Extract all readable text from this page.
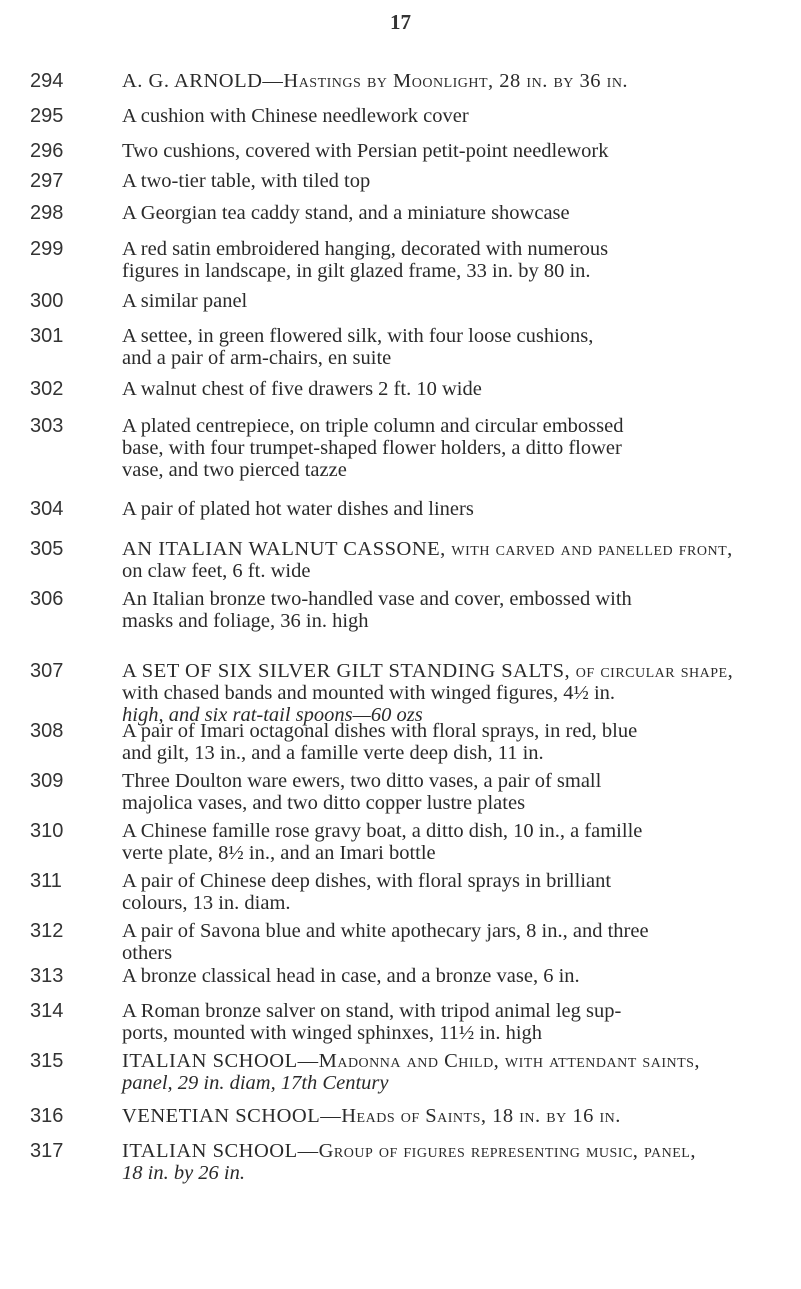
17
294	A. G. ARNOLD—Hastings by Moonlight, 28 in. by 36 in.
295	A cushion with Chinese needlework cover
296	Two cushions, covered with Persian petit-point needlework
297	A two-tier table, with tiled top
298	A Georgian tea caddy stand, and a miniature showcase
299	A red satin embroidered hanging, decorated with numerous
figures in landscape, in gilt glazed frame, 33 in. by 80 in.
300	A similar panel
301	A settee, in green flowered silk, with four loose cushions,
and a pair of arm-chairs, en suite
302	A walnut chest of five drawers 2 ft. 10 wide
303	A plated centrepiece, on triple column and circular embossed
base, with four trumpet-shaped flower holders, a ditto flower
vase, and two pierced tazze
304	A pair of plated hot water dishes and liners
305	AN ITALIAN WALNUT CASSONE, with carved and panelled front,
on claw feet, 6 ft. wide
306	An Italian bronze two-handled vase and cover, embossed with
masks and foliage, 36 in. high
307	A SET OF SIX SILVER GILT STANDING SALTS, of circular shape,
with chased bands and mounted with winged figures, 4½ in.
high, and six rat-tail spoons—60 ozs
308	A pair of Imari octagonal dishes with floral sprays, in red, blue
and gilt, 13 in., and a famille verte deep dish, 11 in.
309	Three Doulton ware ewers, two ditto vases, a pair of small
majolica vases, and two ditto copper lustre plates
310	A Chinese famille rose gravy boat, a ditto dish, 10 in., a famille
verte plate, 8½ in., and an Imari bottle
311	A pair of Chinese deep dishes, with floral sprays in brilliant
colours, 13 in. diam.
312	A pair of Savona blue and white apothecary jars, 8 in., and three
others
313	A bronze classical head in case, and a bronze vase, 6 in.
314	A Roman bronze salver on stand, with tripod animal leg sup-
ports, mounted with winged sphinxes, 11½ in. high
315	ITALIAN SCHOOL—Madonna and Child, with attendant saints,
panel, 29 in. diam, 17th Century
316	VENETIAN SCHOOL—Heads of Saints, 18 in. by 16 in.
317	ITALIAN SCHOOL—Group of figures representing music, panel,
18 in. by 26 in.
